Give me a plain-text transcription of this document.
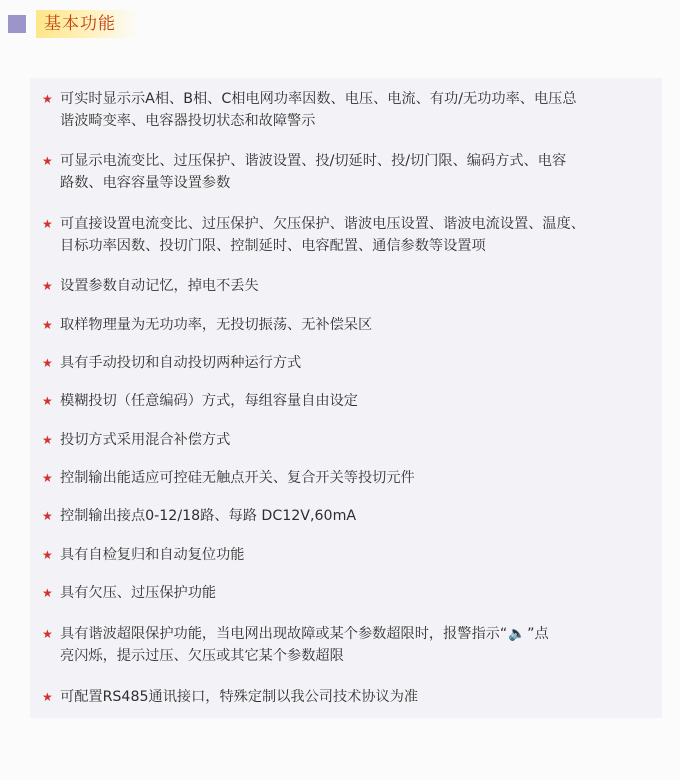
基本功能
★ 可实时显示示A相、B相、C相电网功率因数、电压、电流、有功/无功功率、电压总
谐波畸变率、电容器投切状态和故障警示
★ 可显示电流变比、过压保护、谐波设置、投/切延时、投/切门限、编码方式、电容
路数、电容容量等设置参数
★ 可直接设置电流变比、过压保护、欠压保护、谐波电压设置、谐波电流设置、温度、
目标功率因数、投切门限、控制延时、电容配置、通信参数等设置项
★ 设置参数自动记忆，掉电不丢失
★ 取样物理量为无功功率，无投切振荡、无补偿呆区
★ 具有手动投切和自动投切两种运行方式
★ 模糊投切（任意编码）方式，每组容量自由设定
★ 投切方式采用混合补偿方式
★ 控制输出能适应可控硅无触点开关、复合开关等投切元件
★ 控制输出接点0-12/18路、每路 DC12V,60mA
★ 具有自检复归和自动复位功能
★ 具有欠压、过压保护功能
★ 具有谐波超限保护功能，当电网出现故障或某个参数超限时，报警指示“🔈”点
亮闪烁，提示过压、欠压或其它某个参数超限
★ 可配置RS485通讯接口，特殊定制以我公司技术协议为准
